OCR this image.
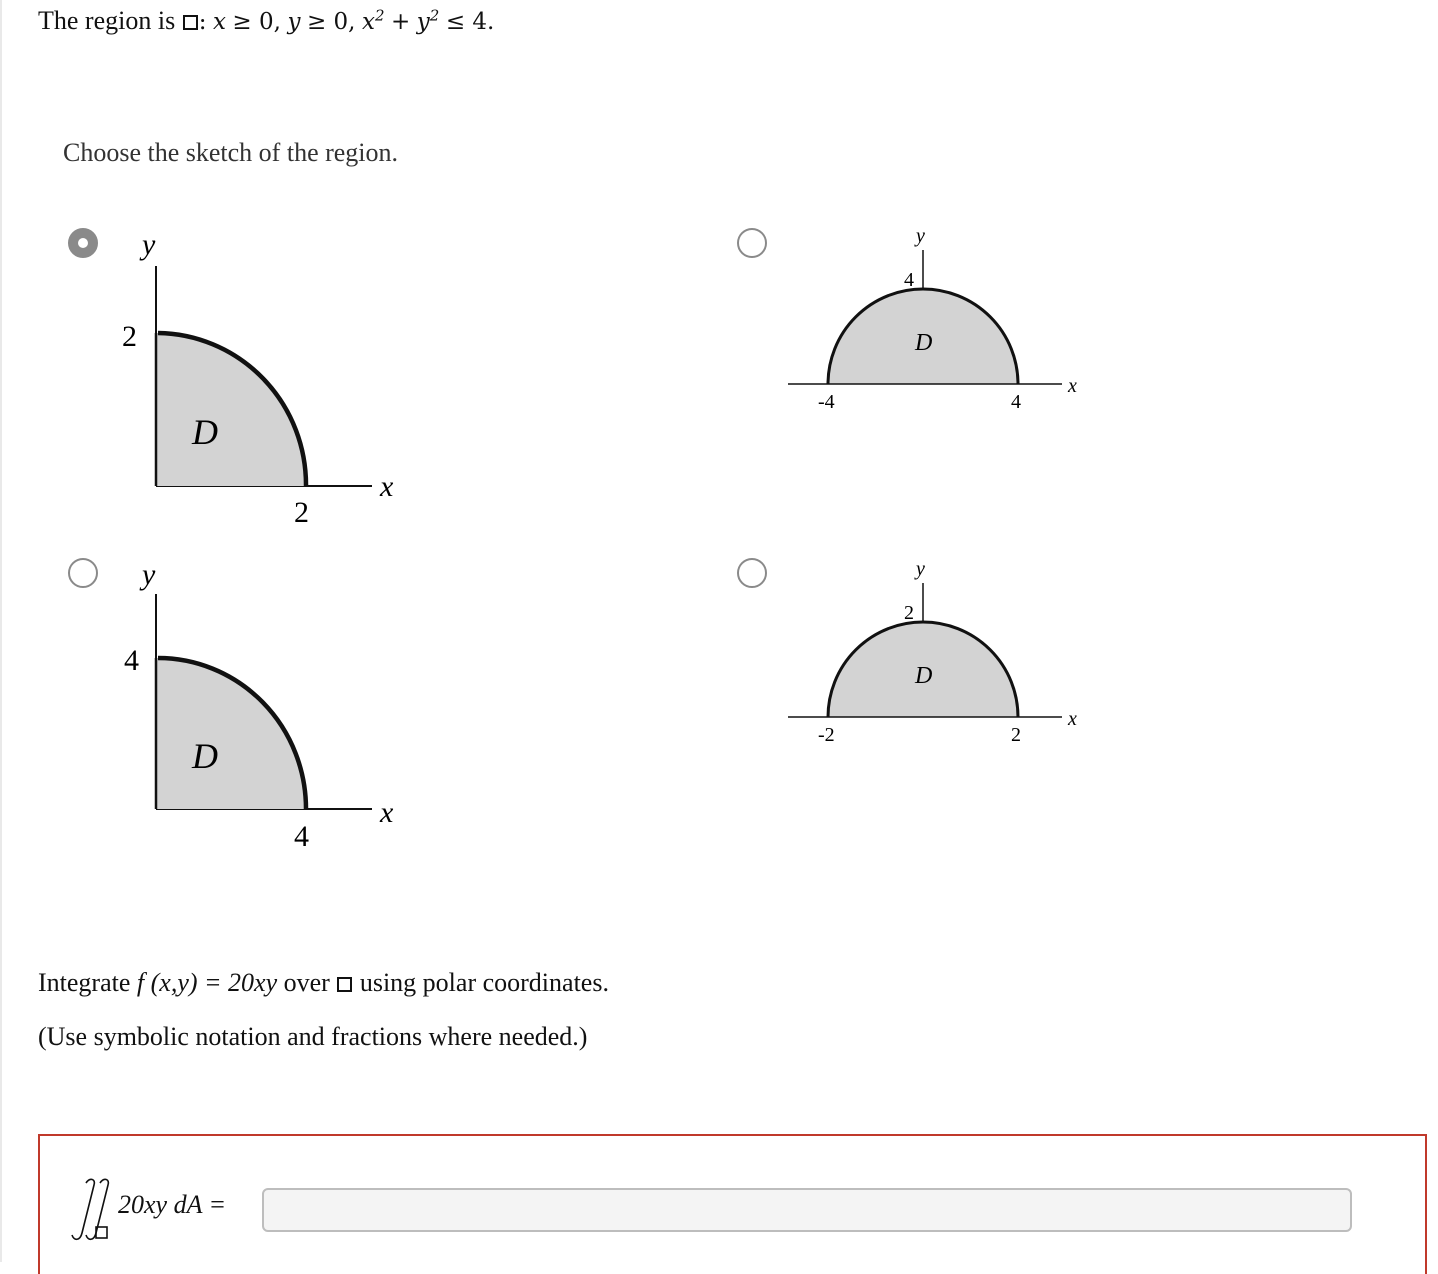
The region is : x ≥ 0, y ≥ 0, $x^2 + y^2 \le 4$.
Choose the sketch of the region.
y
2
2
x
D
y
4
-4	4
x
D
y
4
4
x
D
y
2
-2	2
x
D
Integrate f (x,y) = 20xy over using polar coordinates.
(Use symbolic notation and fractions where needed.)
20xy dA =
